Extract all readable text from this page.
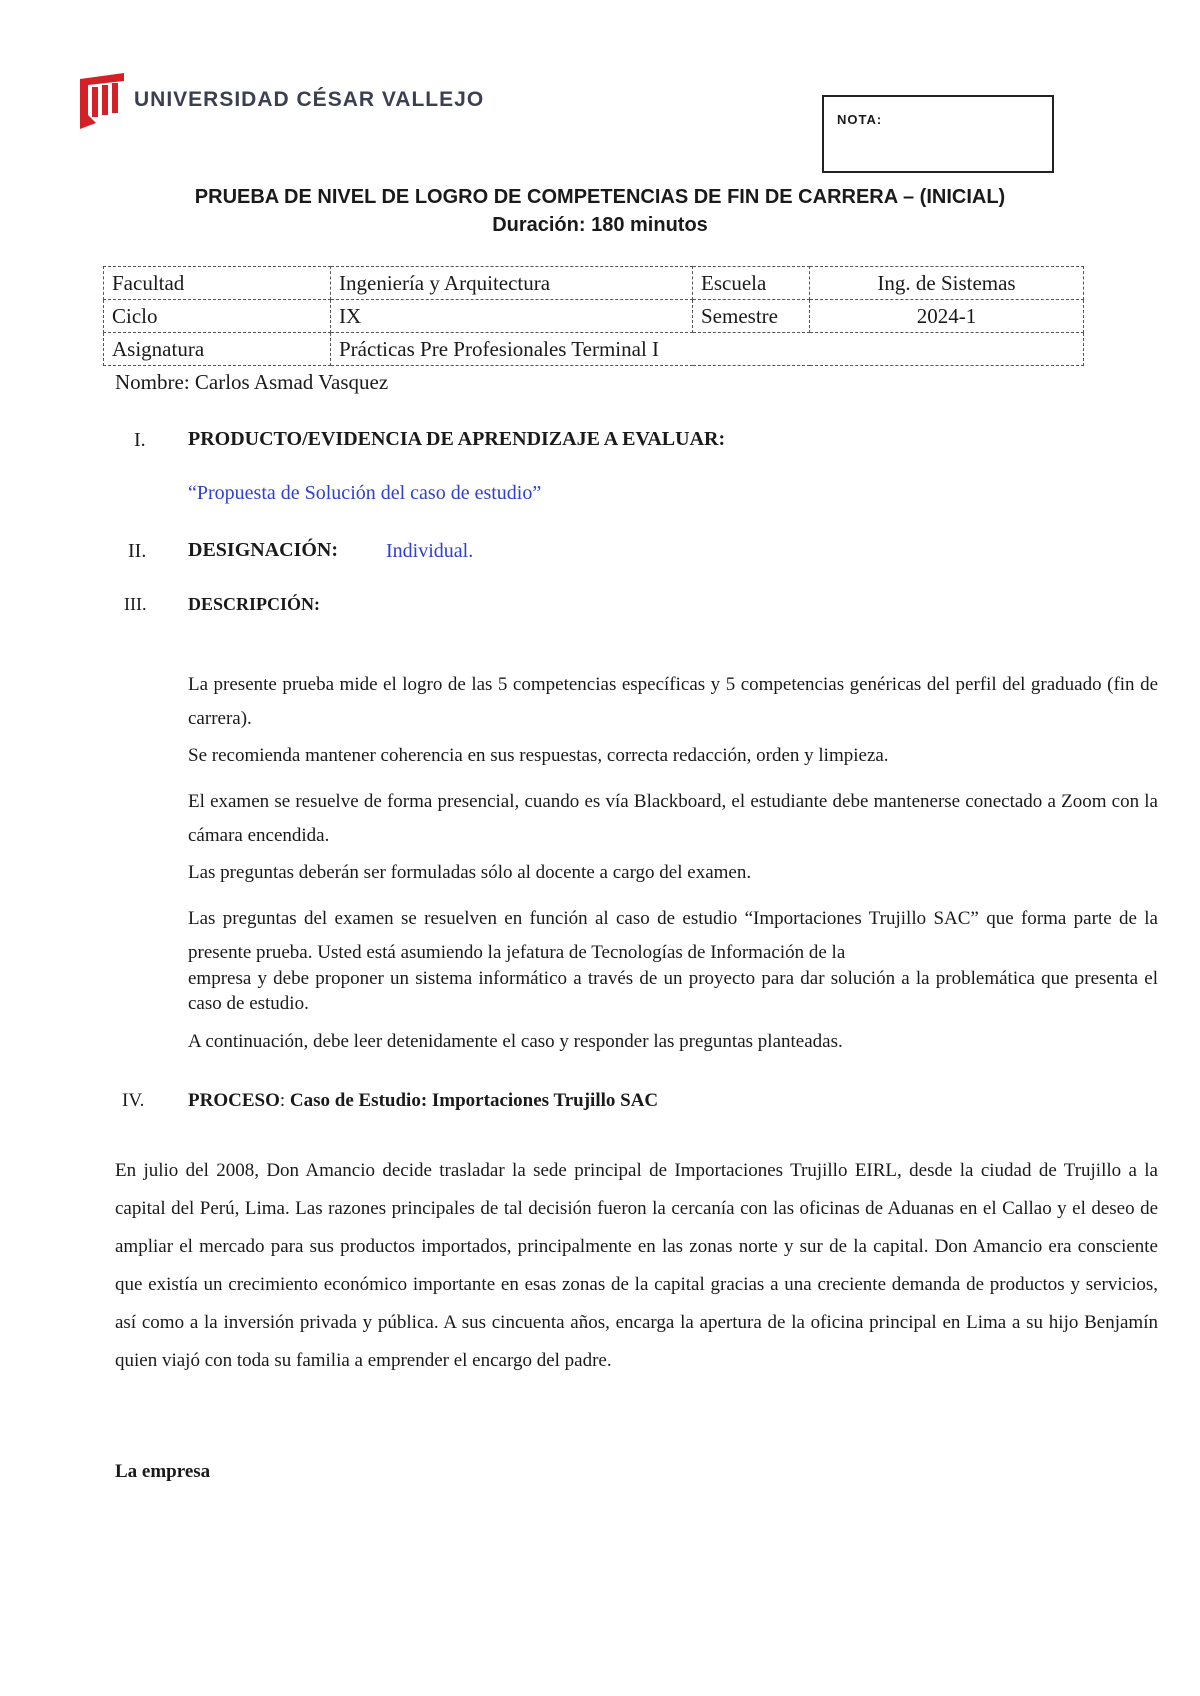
UNIVERSIDAD CÉSAR VALLEJO
NOTA:
PRUEBA DE NIVEL DE LOGRO DE COMPETENCIAS DE FIN DE CARRERA – (INICIAL)
Duración: 180 minutos
Facultad	Ingeniería y Arquitectura	Escuela	Ing. de Sistemas
Ciclo	IX	Semestre	2024-1
Asignatura	Prácticas Pre Profesionales Terminal I		
Nombre: Carlos Asmad Vasquez
I. PRODUCTO/EVIDENCIA DE APRENDIZAJE A EVALUAR:
“Propuesta de Solución del caso de estudio”
II. DESIGNACIÓN: Individual.
III. DESCRIPCIÓN:
La presente prueba mide el logro de las 5 competencias específicas y 5 competencias genéricas del perfil del graduado (fin de carrera).
Se recomienda mantener coherencia en sus respuestas, correcta redacción, orden y limpieza.
El examen se resuelve de forma presencial, cuando es vía Blackboard, el estudiante debe mantenerse conectado a Zoom con la cámara encendida.
Las preguntas deberán ser formuladas sólo al docente a cargo del examen.
Las preguntas del examen se resuelven en función al caso de estudio “Importaciones Trujillo SAC” que forma parte de la presente prueba. Usted está asumiendo la jefatura de Tecnologías de Información de la
empresa y debe proponer un sistema informático a través de un proyecto para dar solución a la problemática que presenta el caso de estudio.
A continuación, debe leer detenidamente el caso y responder las preguntas planteadas.
IV. PROCESO: Caso de Estudio: Importaciones Trujillo SAC
En julio del 2008, Don Amancio decide trasladar la sede principal de Importaciones Trujillo EIRL, desde la ciudad de Trujillo a la capital del Perú, Lima. Las razones principales de tal decisión fueron la cercanía con las oficinas de Aduanas en el Callao y el deseo de ampliar el mercado para sus productos importados, principalmente en las zonas norte y sur de la capital. Don Amancio era consciente que existía un crecimiento económico importante en esas zonas de la capital gracias a una creciente demanda de productos y servicios, así como a la inversión privada y pública. A sus cincuenta años, encarga la apertura de la oficina principal en Lima a su hijo Benjamín quien viajó con toda su familia a emprender el encargo del padre.
La empresa
